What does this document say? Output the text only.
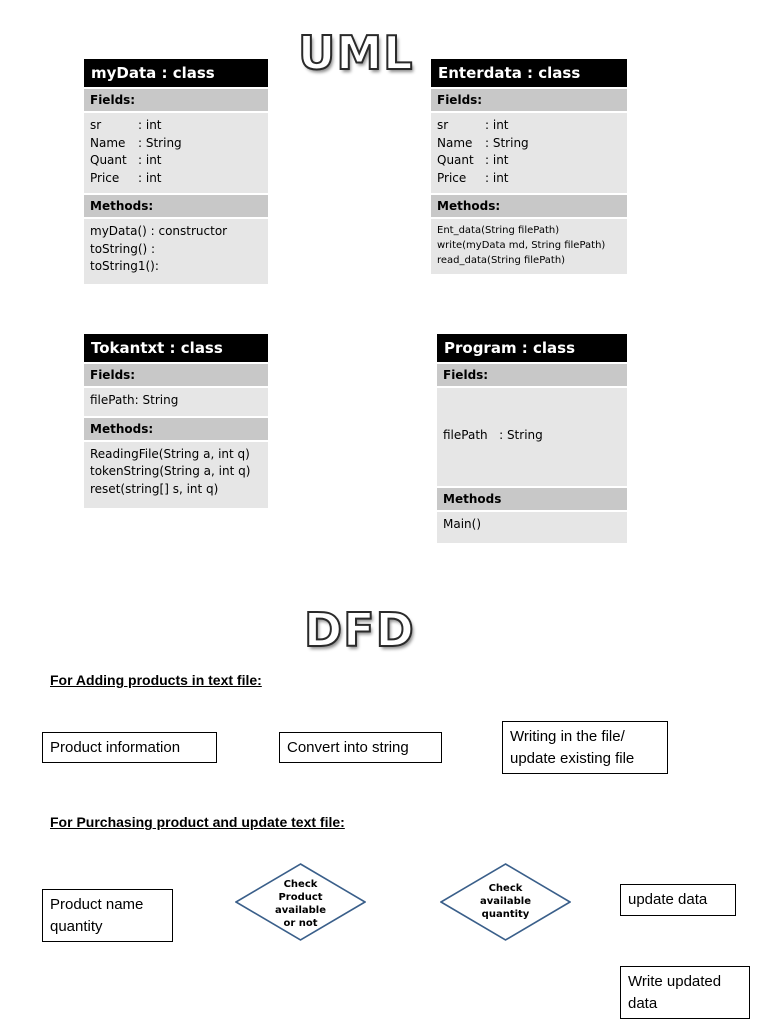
UML
myData : class
Fields:
sr	: int
Name	: String
Quant : int
Price	: int
Methods:
myData() : constructor
toString() :
toString1():
Enterdata : class
Fields:
sr	: int
Name	: String
Quant : int
Price	: int
Methods:
Ent_data(String filePath)
write(myData md, String filePath)
read_data(String filePath)
Tokantxt : class
Fields:
filePath: String
Methods:
ReadingFile(String a, int q)
tokenString(String a, int q)
reset(string[] s, int q)
Program : class
Fields:

filePath   : String

Methods
Main()
DFD
For Adding products in text file:
Product information	Convert into string
Writing in the file/ update existing file
For Purchasing product and update text file:
Product name quantity
Check
Product
available
or not
Check
available
quantity
update data
Write updated data
